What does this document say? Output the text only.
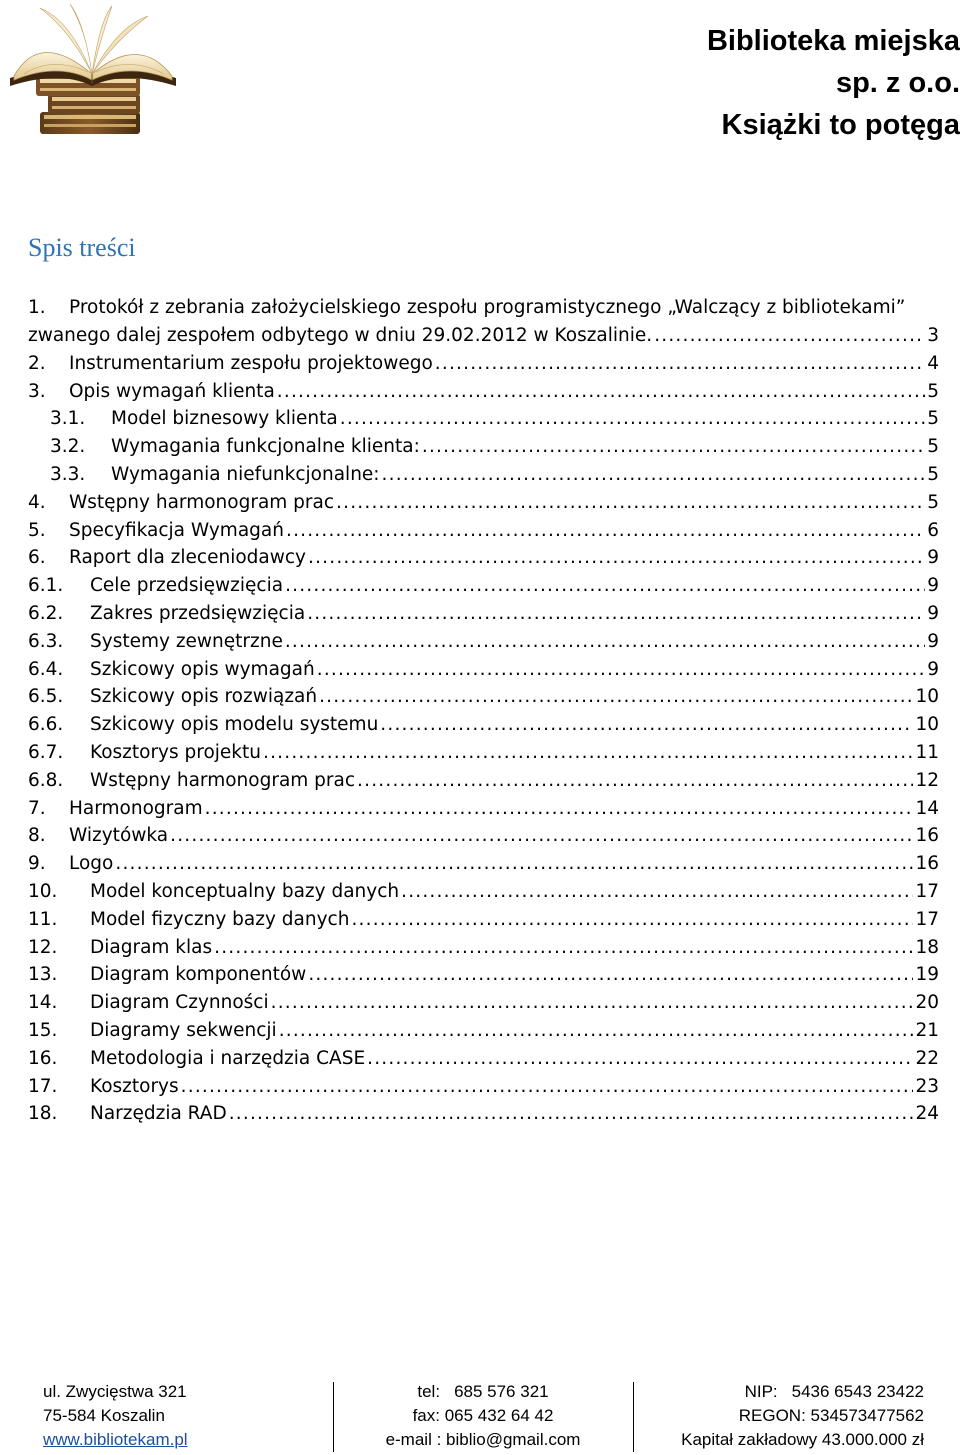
Biblioteka miejska
sp. z o.o.
Książki to potęga
Spis treści
1.	Protokół z zebrania założycielskiego zespołu programistycznego „Walczący z bibliotekami”
zwanego dalej zespołem odbytego w dniu 29.02.2012 w Koszalinie. .....	3
2.	Instrumentarium zespołu projektowego .....	4
3.	Opis wymagań klienta .....	5
3.1.	Model biznesowy klienta .....	5
3.2.	Wymagania funkcjonalne klienta: .....	5
3.3.	Wymagania niefunkcjonalne: .....	5
4.	Wstępny harmonogram prac .....	5
5.	Specyfikacja Wymagań .....	6
6.	Raport dla zleceniodawcy .....	9
6.1.	Cele przedsięwzięcia .....	9
6.2.	Zakres przedsięwzięcia .....	9
6.3.	Systemy zewnętrzne .....	9
6.4.	Szkicowy opis wymagań .....	9
6.5.	Szkicowy opis rozwiązań .....	10
6.6.	Szkicowy opis modelu systemu .....	10
6.7.	Kosztorys projektu .....	11
6.8.	Wstępny harmonogram prac .....	12
7.	Harmonogram .....	14
8.	Wizytówka .....	16
9.	Logo .....	16
10.	Model konceptualny bazy danych .....	17
11.	Model fizyczny bazy danych .....	17
12.	Diagram klas .....	18
13.	Diagram komponentów .....	19
14.	Diagram Czynności .....	20
15.	Diagramy sekwencji .....	21
16.	Metodologia i narzędzia CASE .....	22
17.	Kosztorys .....	23
18.	Narzędzia RAD .....	24
ul. Zwycięstwa 321
75-584 Koszalin
www.bibliotekam.pl
tel: 685 576 321
fax: 065 432 64 42
e-mail : biblio@gmail.com
NIP: 5436 6543 23422
REGON: 534573477562
Kapitał zakładowy 43.000.000 zł
